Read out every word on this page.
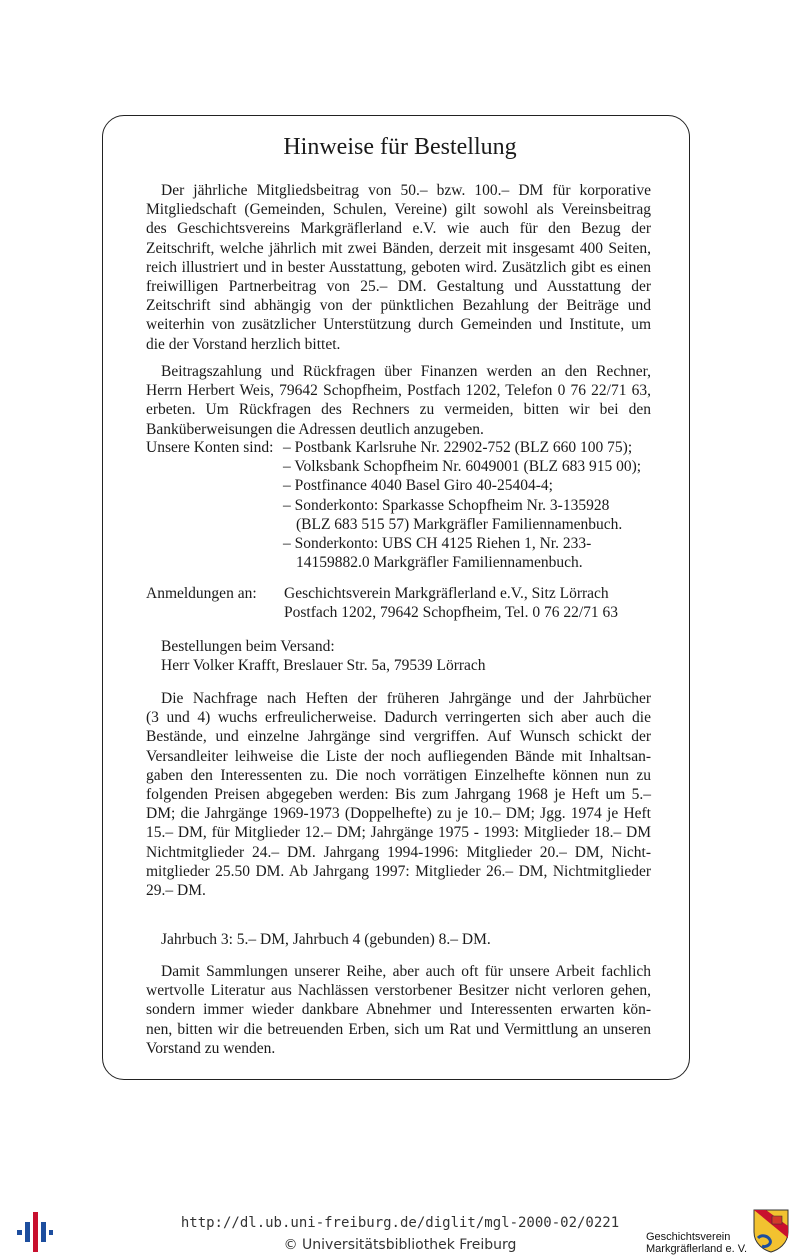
Hinweise für Bestellung
Der jährliche Mitgliedsbeitrag von 50.– bzw. 100.– DM für korporative
Mitgliedschaft (Gemeinden, Schulen, Vereine) gilt sowohl als Vereinsbeitrag
des Geschichtsvereins Markgräflerland e.V. wie auch für den Bezug der
Zeitschrift, welche jährlich mit zwei Bänden, derzeit mit insgesamt 400 Seiten,
reich illustriert und in bester Ausstattung, geboten wird. Zusätzlich gibt es einen
freiwilligen Partnerbeitrag von 25.– DM. Gestaltung und Ausstattung der
Zeitschrift sind abhängig von der pünktlichen Bezahlung der Beiträge und
weiterhin von zusätzlicher Unterstützung durch Gemeinden und Institute, um
die der Vorstand herzlich bittet.
Beitragszahlung und Rückfragen über Finanzen werden an den Rechner,
Herrn Herbert Weis, 79642 Schopfheim, Postfach 1202, Telefon 0 76 22/71 63,
erbeten. Um Rückfragen des Rechners zu vermeiden, bitten wir bei den
Banküberweisungen die Adressen deutlich anzugeben.
Unsere Konten sind: – Postbank Karlsruhe Nr. 22902-752 (BLZ 660 100 75);
– Volksbank Schopfheim Nr. 6049001 (BLZ 683 915 00);
– Postfinance 4040 Basel Giro 40-25404-4;
– Sonderkonto: Sparkasse Schopfheim Nr. 3-135928
(BLZ 683 515 57) Markgräfler Familiennamenbuch.
– Sonderkonto: UBS CH 4125 Riehen 1, Nr. 233-
14159882.0 Markgräfler Familiennamenbuch.
Anmeldungen an: Geschichtsverein Markgräflerland e.V., Sitz Lörrach
Postfach 1202, 79642 Schopfheim, Tel. 0 76 22/71 63
Bestellungen beim Versand:
Herr Volker Krafft, Breslauer Str. 5a, 79539 Lörrach
Die Nachfrage nach Heften der früheren Jahrgänge und der Jahrbücher
(3 und 4) wuchs erfreulicherweise. Dadurch verringerten sich aber auch die
Bestände, und einzelne Jahrgänge sind vergriffen. Auf Wunsch schickt der
Versandleiter leihweise die Liste der noch aufliegenden Bände mit Inhaltsan-
gaben den Interessenten zu. Die noch vorrätigen Einzelhefte können nun zu
folgenden Preisen abgegeben werden: Bis zum Jahrgang 1968 je Heft um 5.–
DM; die Jahrgänge 1969-1973 (Doppelhefte) zu je 10.– DM; Jgg. 1974 je Heft
15.– DM, für Mitglieder 12.– DM; Jahrgänge 1975 - 1993: Mitglieder 18.– DM
Nichtmitglieder 24.– DM. Jahrgang 1994-1996: Mitglieder 20.– DM, Nicht-
mitglieder 25.50 DM. Ab Jahrgang 1997: Mitglieder 26.– DM, Nichtmitglieder
29.– DM.
Jahrbuch 3: 5.– DM, Jahrbuch 4 (gebunden) 8.– DM.
Damit Sammlungen unserer Reihe, aber auch oft für unsere Arbeit fachlich
wertvolle Literatur aus Nachlässen verstorbener Besitzer nicht verloren gehen,
sondern immer wieder dankbare Abnehmer und Interessenten erwarten kön-
nen, bitten wir die betreuenden Erben, sich um Rat und Vermittlung an unseren
Vorstand zu wenden.
http://dl.ub.uni-freiburg.de/diglit/mgl-2000-02/0221
© Universitätsbibliothek Freiburg	Geschichtsverein
Markgräflerland e. V.
